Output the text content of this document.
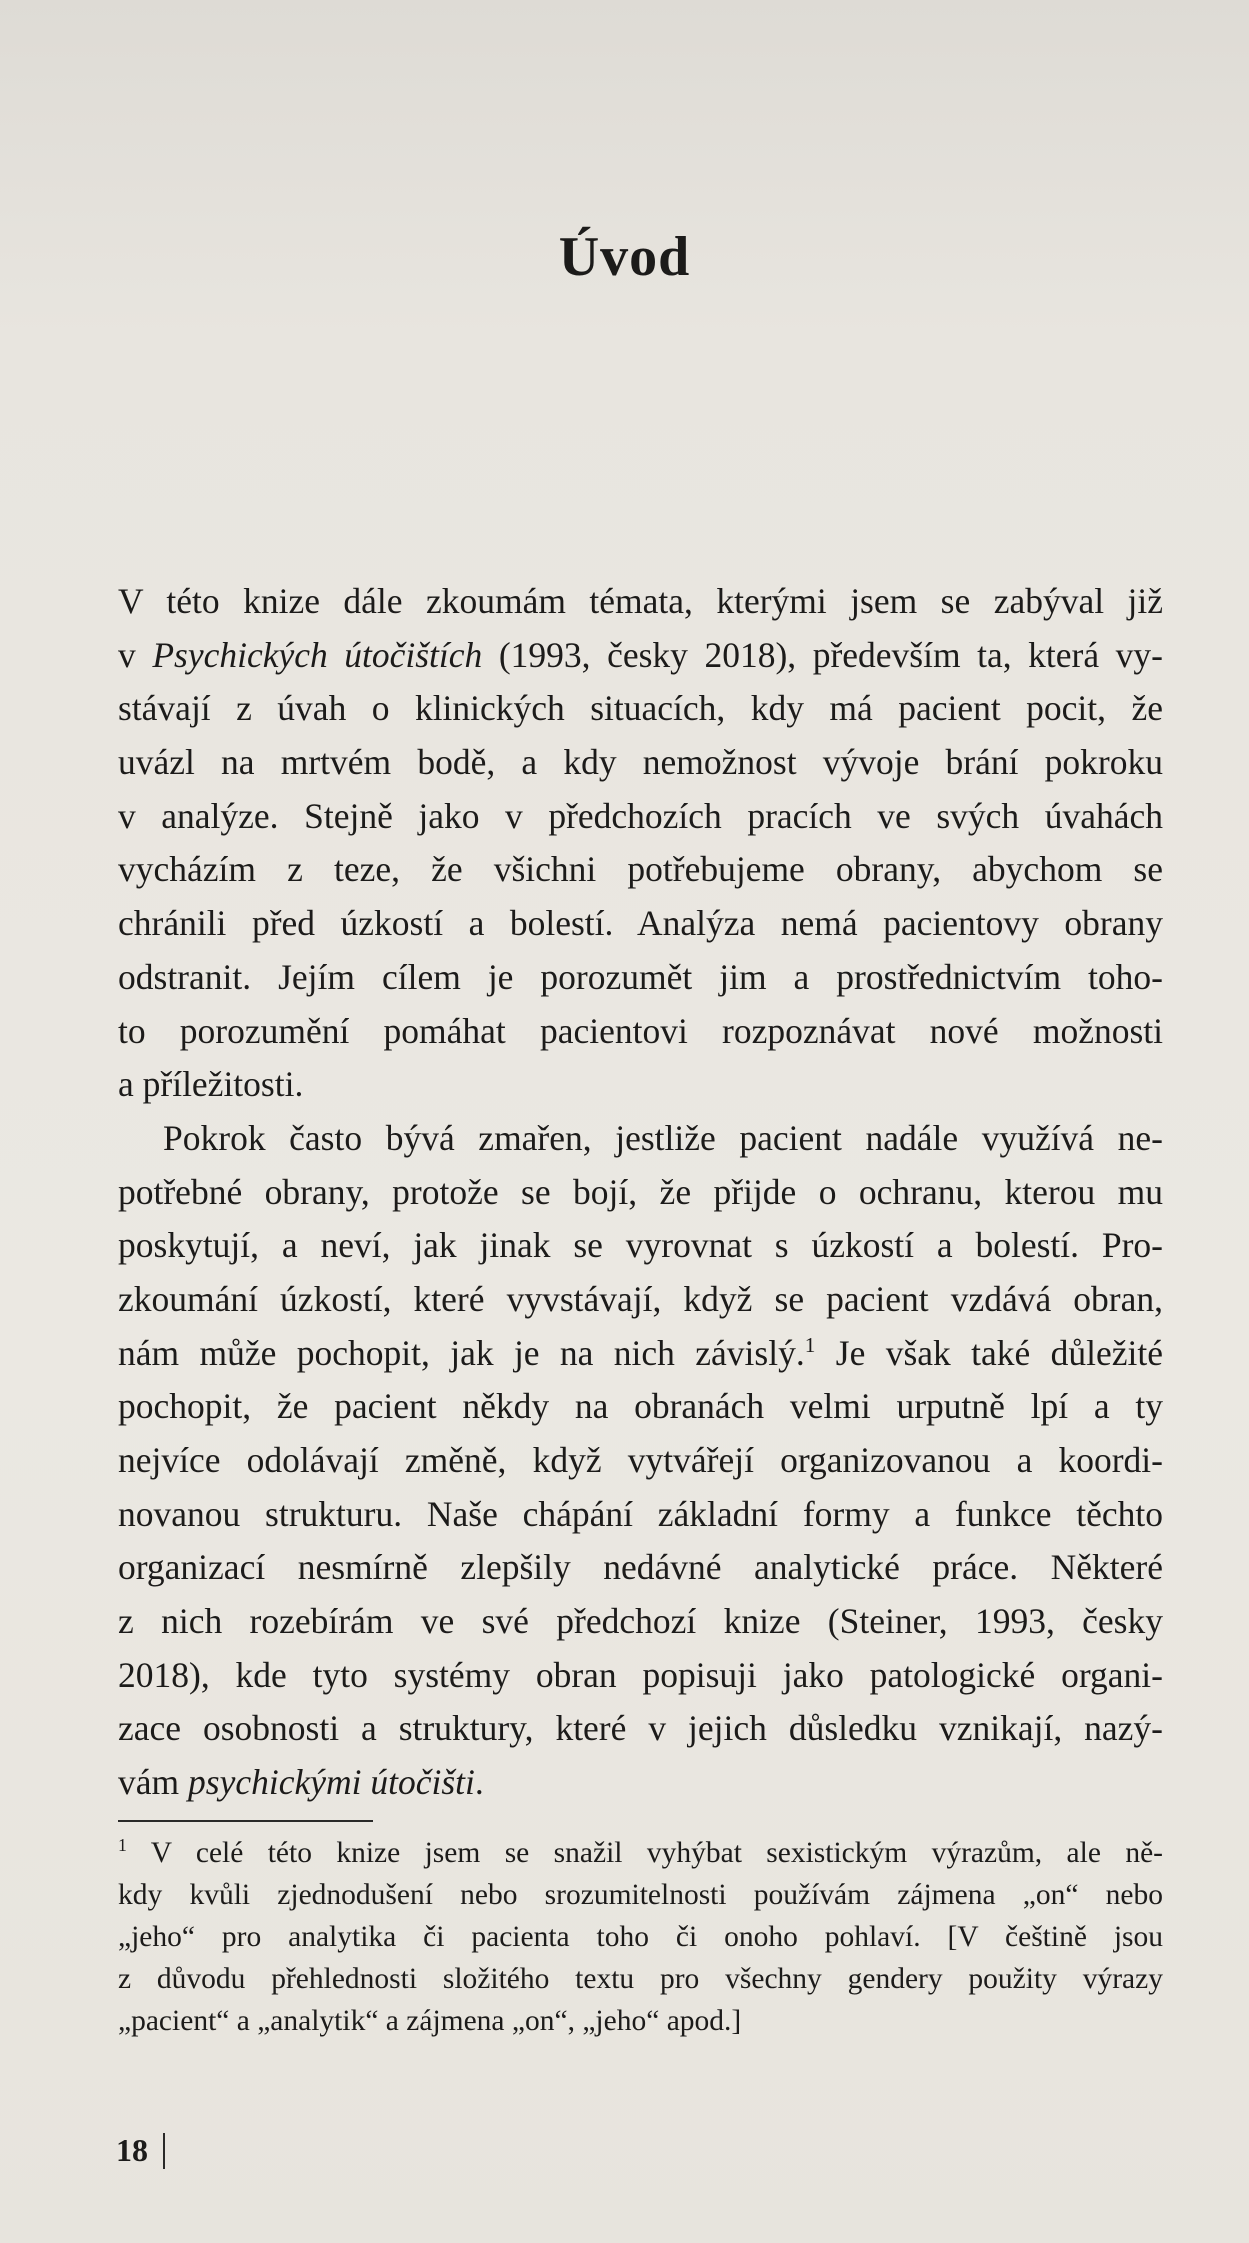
Úvod
V této knize dále zkoumám témata, kterými jsem se zabýval již
v Psychických útočištích (1993, česky 2018), především ta, která vy-
stávají z úvah o klinických situacích, kdy má pacient pocit, že
uvázl na mrtvém bodě, a kdy nemožnost vývoje brání pokroku
v analýze. Stejně jako v předchozích pracích ve svých úvahách
vycházím z teze, že všichni potřebujeme obrany, abychom se
chránili před úzkostí a bolestí. Analýza nemá pacientovy obrany
odstranit. Jejím cílem je porozumět jim a prostřednictvím toho-
to porozumění pomáhat pacientovi rozpoznávat nové možnosti
a příležitosti.
Pokrok často bývá zmařen, jestliže pacient nadále využívá ne-
potřebné obrany, protože se bojí, že přijde o ochranu, kterou mu
poskytují, a neví, jak jinak se vyrovnat s úzkostí a bolestí. Pro-
zkoumání úzkostí, které vyvstávají, když se pacient vzdává obran,
nám může pochopit, jak je na nich závislý.$^1$ Je však také důležité
pochopit, že pacient někdy na obranách velmi urputně lpí a ty
nejvíce odolávají změně, když vytvářejí organizovanou a koordi-
novanou strukturu. Naše chápání základní formy a funkce těchto
organizací nesmírně zlepšily nedávné analytické práce. Některé
z nich rozebírám ve své předchozí knize (Steiner, 1993, česky
2018), kde tyto systémy obran popisuji jako patologické organi-
zace osobnosti a struktury, které v jejich důsledku vznikají, nazý-
vám psychickými útočišti.
$^1$ V celé této knize jsem se snažil vyhýbat sexistickým výrazům, ale ně-
kdy kvůli zjednodušení nebo srozumitelnosti používám zájmena „on“ nebo
„jeho“ pro analytika či pacienta toho či onoho pohlaví. [V češtině jsou
z důvodu přehlednosti složitého textu pro všechny gendery použity výrazy
„pacient“ a „analytik“ a zájmena „on“, „jeho“ apod.]
18
